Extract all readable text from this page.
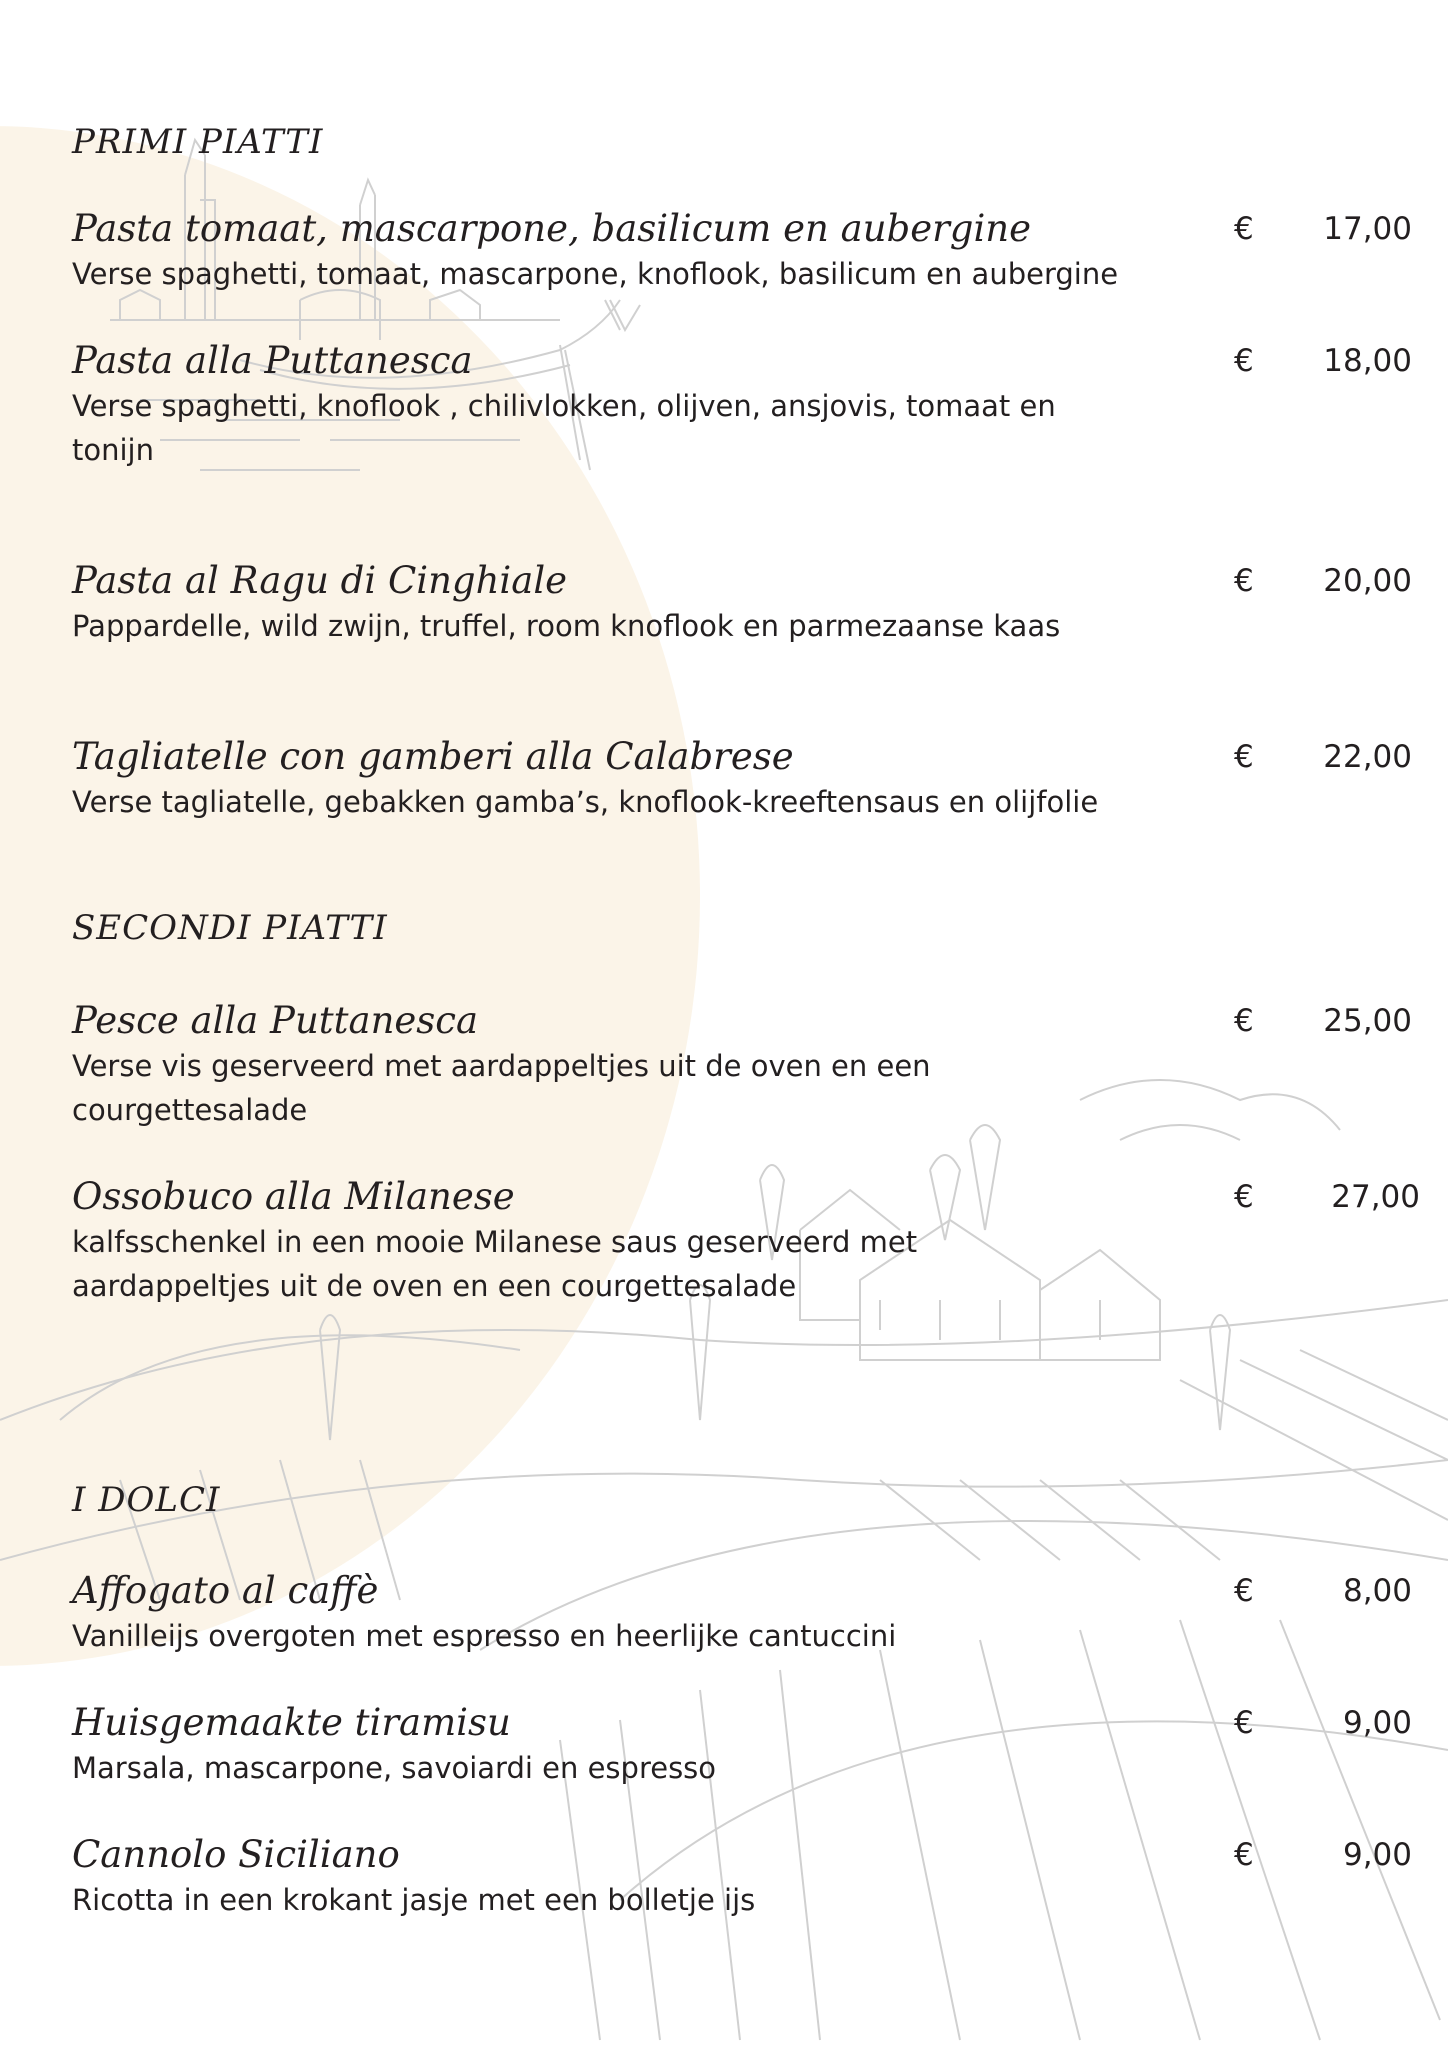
PRIMI PIATTI
Pasta tomaat, mascarpone, basilicum en aubergine
Verse spaghetti, tomaat, mascarpone, knoflook, basilicum en aubergine
€	17,00
Pasta alla Puttanesca
Verse spaghetti, knoflook , chilivlokken, olijven, ansjovis, tomaat en tonijn
€	18,00
Pasta al Ragu di Cinghiale
Pappardelle, wild zwijn, truffel, room knoflook en parmezaanse kaas
€	20,00
Tagliatelle con gamberi alla Calabrese
Verse tagliatelle, gebakken gamba’s, knoflook-kreeftensaus en olijfolie
€	22,00
SECONDI PIATTI
Pesce alla Puttanesca
Verse vis geserveerd met aardappeltjes uit de oven en een courgettesalade
€	25,00
Ossobuco alla Milanese
kalfsschenkel in een mooie Milanese saus geserveerd met aardappeltjes uit de oven en een courgettesalade
€	27,00
I DOLCI
Affogato al caffè
Vanilleijs overgoten met espresso en heerlijke cantuccini
€	8,00
Huisgemaakte tiramisu
Marsala, mascarpone, savoiardi en espresso
€	9,00
Cannolo Siciliano
Ricotta in een krokant jasje met een bolletje ijs
€	9,00
